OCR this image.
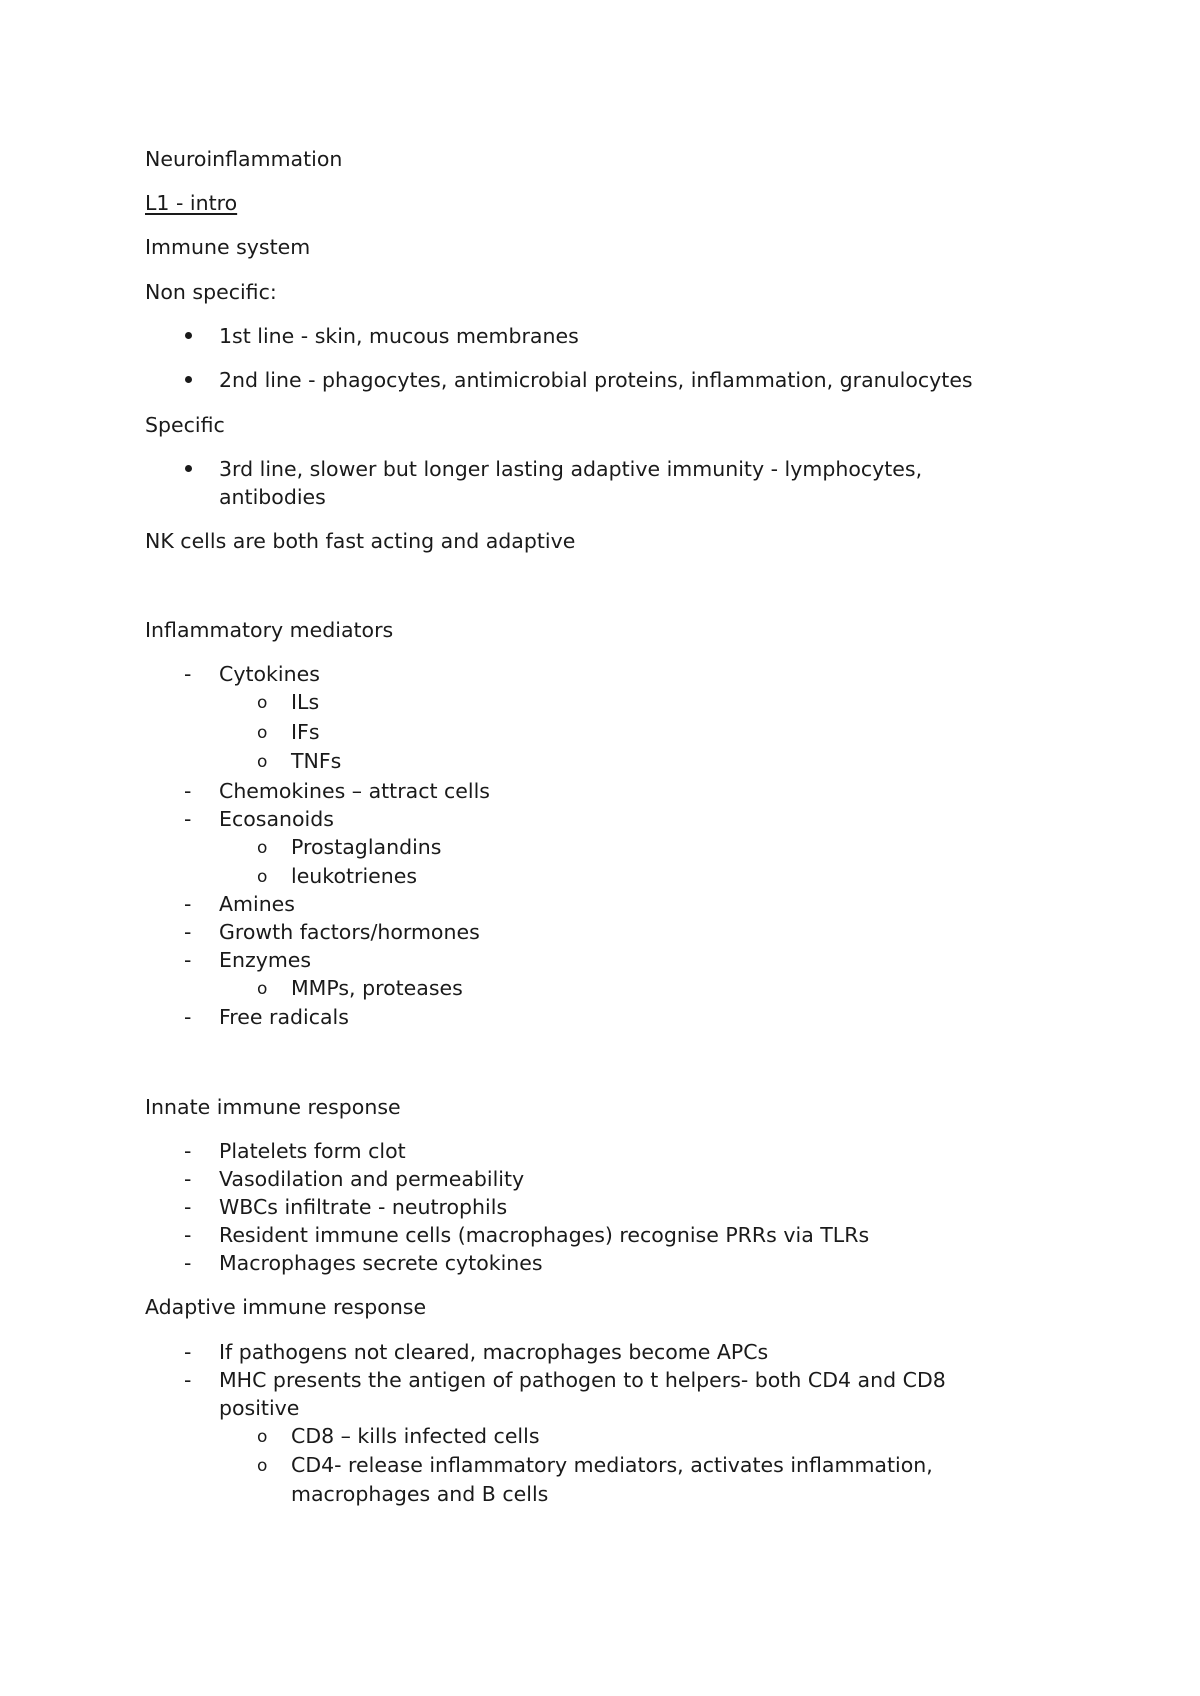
Neuroinflammation
L1 - intro
Immune system
Non specific:
1st line - skin, mucous membranes
2nd line - phagocytes, antimicrobial proteins, inflammation, granulocytes
Specific
3rd line, slower but longer lasting adaptive immunity - lymphocytes,
antibodies
NK cells are both fast acting and adaptive
Inflammatory mediators
- Cytokines
o ILs
o IFs
o TNFs
- Chemokines – attract cells
- Ecosanoids
o Prostaglandins
o leukotrienes
- Amines
- Growth factors/hormones
- Enzymes
o MMPs, proteases
- Free radicals
Innate immune response
- Platelets form clot
- Vasodilation and permeability
- WBCs infiltrate - neutrophils
- Resident immune cells (macrophages) recognise PRRs via TLRs
- Macrophages secrete cytokines
Adaptive immune response
- If pathogens not cleared, macrophages become APCs
- MHC presents the antigen of pathogen to t helpers- both CD4 and CD8
positive
o CD8 – kills infected cells
o CD4- release inflammatory mediators, activates inflammation,
macrophages and B cells
